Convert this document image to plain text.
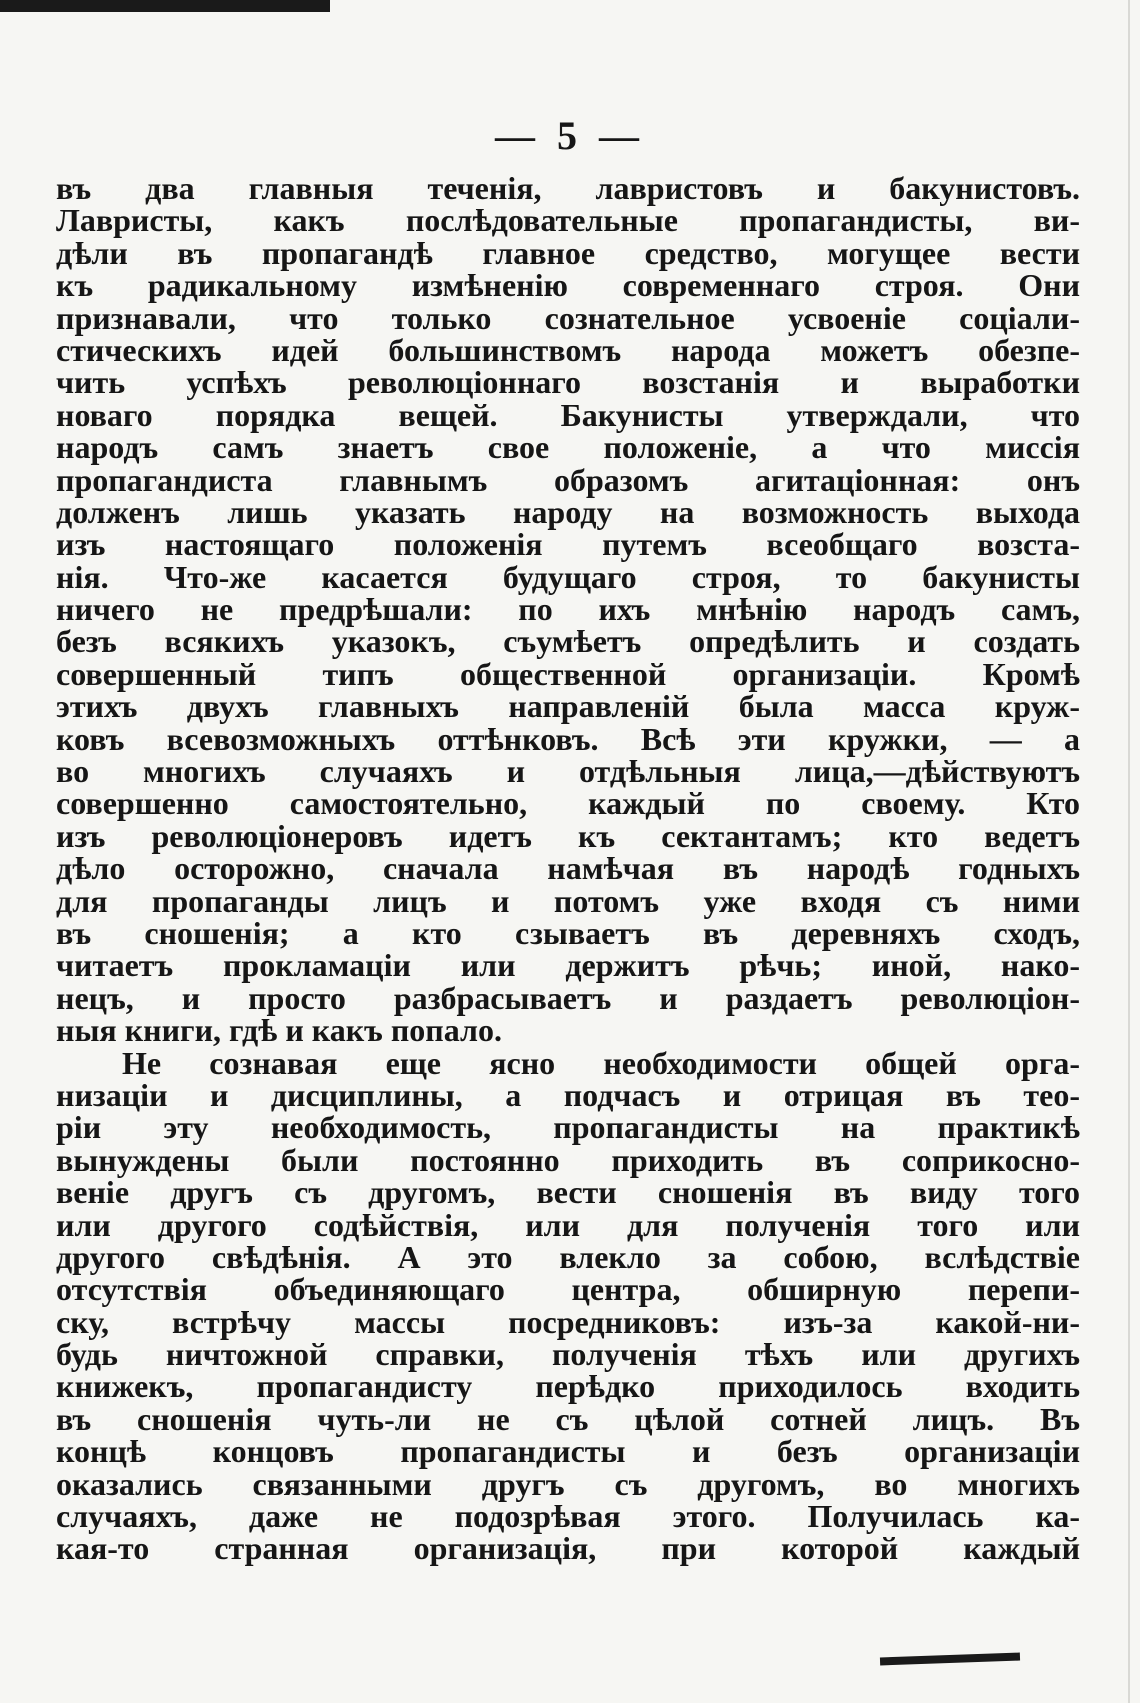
— 5 —
въ два главныя теченія, лавристовъ и бакунистовъ.
Лавристы, какъ послѣдовательные пропагандисты, ви-
дѣли въ пропагандѣ главное средство, могущее вести
къ радикальному измѣненію современнаго строя. Они
признавали, что только сознательное усвоеніе соціали-
стическихъ идей большинствомъ народа можетъ обезпе-
чить успѣхъ революціоннаго возстанія и выработки
новаго порядка вещей. Бакунисты утверждали, что
народъ самъ знаетъ свое положеніе, а что миссія
пропагандиста главнымъ образомъ агитаціонная: онъ
долженъ лишь указать народу на возможность выхода
изъ настоящаго положенія путемъ всеобщаго возста-
нія. Что-же касается будущаго строя, то бакунисты
ничего не предрѣшали: по ихъ мнѣнію народъ самъ,
безъ всякихъ указокъ, съумѣетъ опредѣлить и создать
совершенный типъ общественной организаціи. Кромѣ
этихъ двухъ главныхъ направленій была масса круж-
ковъ всевозможныхъ оттѣнковъ. Всѣ эти кружки, — а
во многихъ случаяхъ и отдѣльныя лица,—дѣйствуютъ
совершенно самостоятельно, каждый по своему. Кто
изъ революціонеровъ идетъ къ сектантамъ; кто ведетъ
дѣло осторожно, сначала намѣчая въ народѣ годныхъ
для пропаганды лицъ и потомъ уже входя съ ними
въ сношенія; а кто сзываетъ въ деревняхъ сходъ,
читаетъ прокламаціи или держитъ рѣчь; иной, нако-
нецъ, и просто разбрасываетъ и раздаетъ революціон-
ныя книги, гдѣ и какъ попало.
Не сознавая еще ясно необходимости общей орга-
низаціи и дисциплины, а подчасъ и отрицая въ тео-
ріи эту необходимость, пропагандисты на практикѣ
вынуждены были постоянно приходить въ соприкосно-
веніе другъ съ другомъ, вести сношенія въ виду того
или другого содѣйствія, или для полученія того или
другого свѣдѣнія. А это влекло за собою, вслѣдствіе
отсутствія объединяющаго центра, обширную перепи-
ску, встрѣчу массы посредниковъ: изъ-за какой-ни-
будь ничтожной справки, полученія тѣхъ или другихъ
книжекъ, пропагандисту перѣдко приходилось входить
въ сношенія чуть-ли не съ цѣлой сотней лицъ. Въ
концѣ концовъ пропагандисты и безъ организаціи
оказались связанными другъ съ другомъ, во многихъ
случаяхъ, даже не подозрѣвая этого. Получилась ка-
кая-то странная организація, при которой каждый
